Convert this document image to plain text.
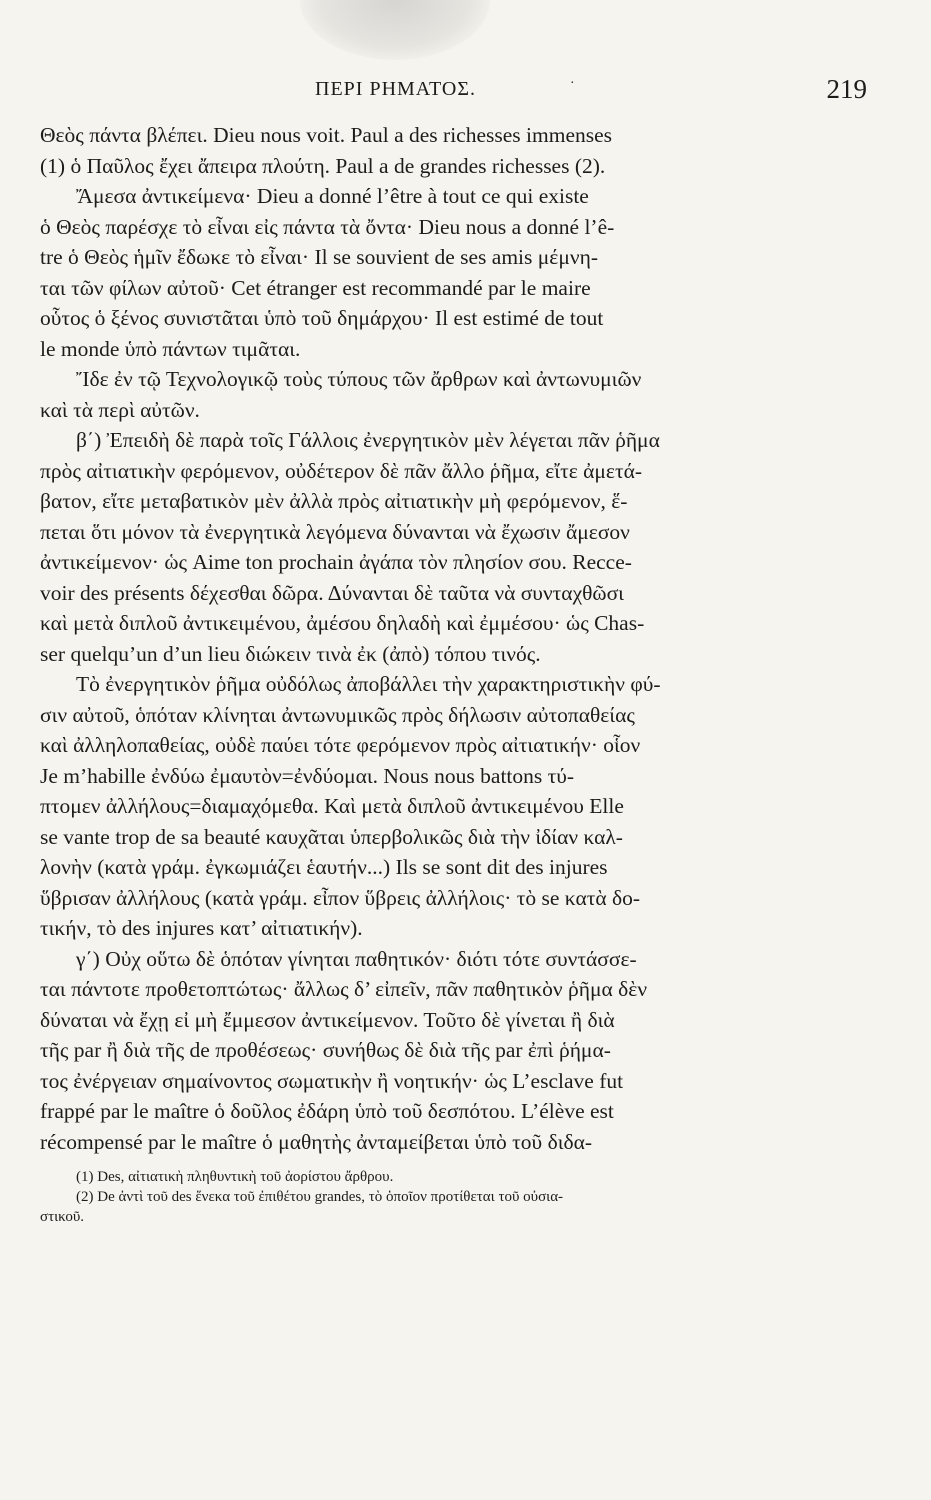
ΠΕΡΙ ΡΗΜΑΤΟΣ.	·	219
Θεὸς πάντα βλέπει. Dieu nous voit. Paul a des richesses immenses
(1) ὁ Παῦλος ἔχει ἄπειρα πλούτη. Paul a de grandes richesses (2).
Ἄμεσα ἀντικείμενα· Dieu a donné l’être à tout ce qui existe
ὁ Θεὸς παρέσχε τὸ εἶναι εἰς πάντα τὰ ὄντα· Dieu nous a donné l’ê-
tre ὁ Θεὸς ἡμῖν ἔδωκε τὸ εἶναι· Il se souvient de ses amis μέμνη-
ται τῶν φίλων αὐτοῦ· Cet étranger est recommandé par le maire
οὗτος ὁ ξένος συνιστᾶται ὑπὸ τοῦ δημάρχου· Il est estimé de tout
le monde ὑπὸ πάντων τιμᾶται.
Ἴδε ἐν τῷ Τεχνολογικῷ τοὺς τύπους τῶν ἄρθρων καὶ ἀντωνυμιῶν
καὶ τὰ περὶ αὐτῶν.
β΄) Ἐπειδὴ δὲ παρὰ τοῖς Γάλλοις ἐνεργητικὸν μὲν λέγεται πᾶν ῥῆμα
πρὸς αἰτιατικὴν φερόμενον, οὐδέτερον δὲ πᾶν ἄλλο ῥῆμα, εἴτε ἀμετά-
βατον, εἴτε μεταβατικὸν μὲν ἀλλὰ πρὸς αἰτιατικὴν μὴ φερόμενον, ἕ-
πεται ὅτι μόνον τὰ ἐνεργητικὰ λεγόμενα δύνανται νὰ ἔχωσιν ἄμεσον
ἀντικείμενον· ὡς Aime ton prochain ἀγάπα τὸν πλησίον σου. Recce-
voir des présents δέχεσθαι δῶρα. Δύνανται δὲ ταῦτα νὰ συνταχθῶσι
καὶ μετὰ διπλοῦ ἀντικειμένου, ἀμέσου δηλαδὴ καὶ ἐμμέσου· ὡς Chas-
ser quelqu’un d’un lieu διώκειν τινὰ ἐκ (ἀπὸ) τόπου τινός.
Τὸ ἐνεργητικὸν ῥῆμα οὐδόλως ἀποβάλλει τὴν χαρακτηριστικὴν φύ-
σιν αὐτοῦ, ὁπόταν κλίνηται ἀντωνυμικῶς πρὸς δήλωσιν αὐτοπαθείας
καὶ ἀλληλοπαθείας, οὐδὲ παύει τότε φερόμενον πρὸς αἰτιατικήν· οἷον
Je m’habille ἐνδύω ἐμαυτὸν=ἐνδύομαι. Nous nous battons τύ-
πτομεν ἀλλήλους=διαμαχόμεθα. Καὶ μετὰ διπλοῦ ἀντικειμένου Elle
se vante trop de sa beauté καυχᾶται ὑπερβολικῶς διὰ τὴν ἰδίαν καλ-
λονὴν (κατὰ γράμ. ἐγκωμιάζει ἑαυτήν...) Ils se sont dit des injures
ὕβρισαν ἀλλήλους (κατὰ γράμ. εἶπον ὕβρεις ἀλλήλοις· τὸ se κατὰ δο-
τικήν, τὸ des injures κατ’ αἰτιατικήν).
γ΄) Οὐχ οὕτω δὲ ὁπόταν γίνηται παθητικόν· διότι τότε συντάσσε-
ται πάντοτε προθετοπτώτως· ἄλλως δ’ εἰπεῖν, πᾶν παθητικὸν ῥῆμα δὲν
δύναται νὰ ἔχῃ εἰ μὴ ἔμμεσον ἀντικείμενον. Τοῦτο δὲ γίνεται ἢ διὰ
τῆς par ἢ διὰ τῆς de προθέσεως· συνήθως δὲ διὰ τῆς par ἐπὶ ῥήμα-
τος ἐνέργειαν σημαίνοντος σωματικὴν ἢ νοητικήν· ὡς L’esclave fut
frappé par le maître ὁ δοῦλος ἐδάρη ὑπὸ τοῦ δεσπότου. L’élève est
récompensé par le maître ὁ μαθητὴς ἀνταμείβεται ὑπὸ τοῦ διδα-
(1) Des, αἰτιατικὴ πληθυντικὴ τοῦ ἀορίστου ἄρθρου.
(2) De ἀντὶ τοῦ des ἕνεκα τοῦ ἐπιθέτου grandes, τὸ ὁποῖον προτίθεται τοῦ οὐσια-
στικοῦ.
